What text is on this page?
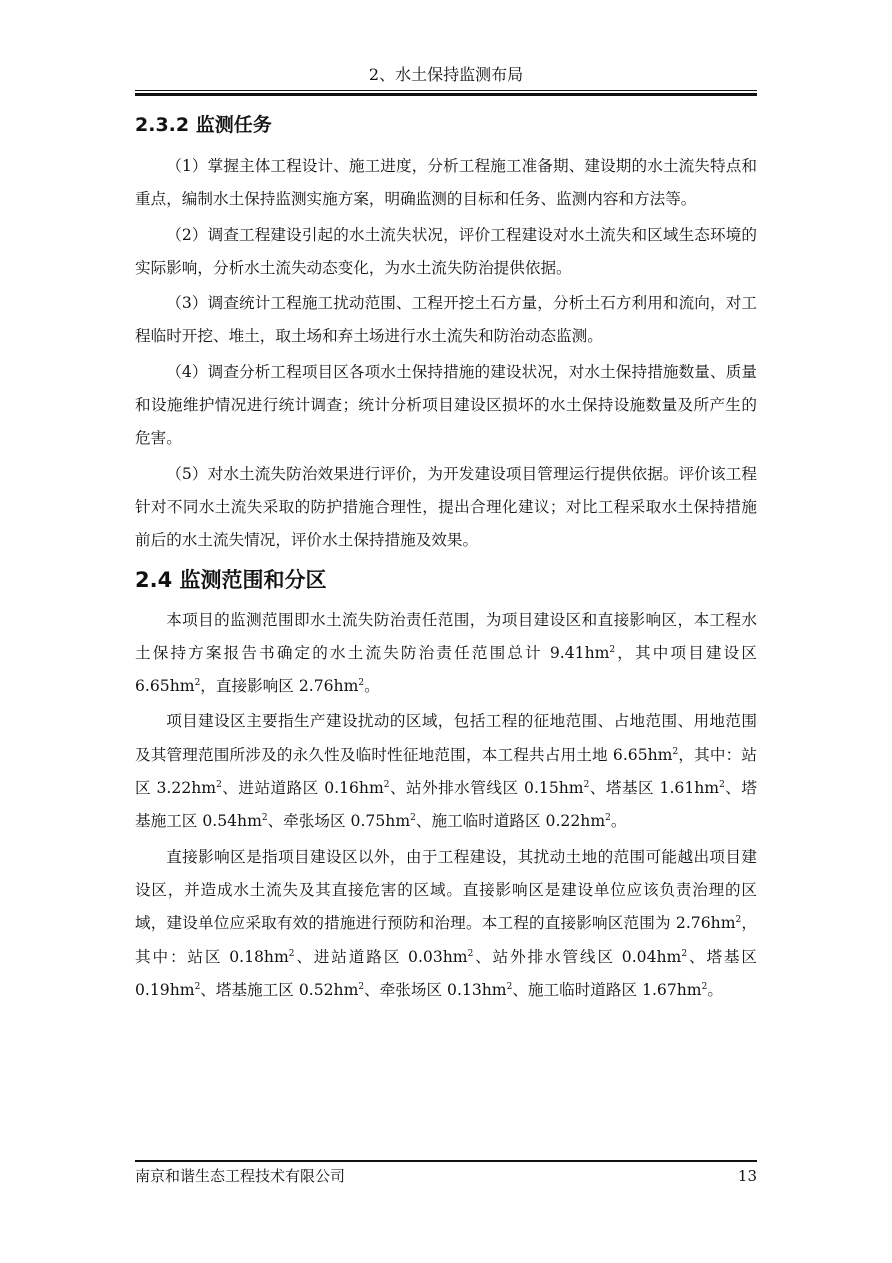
2、水土保持监测布局
2.3.2 监测任务

（1）掌握主体工程设计、施工进度，分析工程施工准备期、建设期的水土流失特点和重点，编制水土保持监测实施方案，明确监测的目标和任务、监测内容和方法等。

（2）调查工程建设引起的水土流失状况，评价工程建设对水土流失和区域生态环境的实际影响，分析水土流失动态变化，为水土流失防治提供依据。

（3）调查统计工程施工扰动范围、工程开挖土石方量，分析土石方利用和流向，对工程临时开挖、堆土，取土场和弃土场进行水土流失和防治动态监测。

（4）调查分析工程项目区各项水土保持措施的建设状况，对水土保持措施数量、质量和设施维护情况进行统计调查；统计分析项目建设区损坏的水土保持设施数量及所产生的危害。

（5）对水土流失防治效果进行评价，为开发建设项目管理运行提供依据。评价该工程针对不同水土流失采取的防护措施合理性，提出合理化建议；对比工程采取水土保持措施前后的水土流失情况，评价水土保持措施及效果。

2.4 监测范围和分区

本项目的监测范围即水土流失防治责任范围，为项目建设区和直接影响区，本工程水土保持方案报告书确定的水土流失防治责任范围总计 $9.41hm^2$，其中项目建设区 $6.65hm^2$，直接影响区 $2.76hm^2$。

项目建设区主要指生产建设扰动的区域，包括工程的征地范围、占地范围、用地范围及其管理范围所涉及的永久性及临时性征地范围，本工程共占用土地 $6.65hm^2$，其中：站区 $3.22hm^2$、进站道路区 $0.16hm^2$、站外排水管线区 $0.15hm^2$、塔基区 $1.61hm^2$、塔基施工区 $0.54hm^2$、牵张场区 $0.75hm^2$、施工临时道路区 $0.22hm^2$。

直接影响区是指项目建设区以外，由于工程建设，其扰动土地的范围可能越出项目建设区，并造成水土流失及其直接危害的区域。直接影响区是建设单位应该负责治理的区域，建设单位应采取有效的措施进行预防和治理。本工程的直接影响区范围为 $2.76hm^2$，其中：站区 $0.18hm^2$、进站道路区 $0.03hm^2$、站外排水管线区 $0.04hm^2$、塔基区 $0.19hm^2$、塔基施工区 $0.52hm^2$、牵张场区 $0.13hm^2$、施工临时道路区 $1.67hm^2$。

南京和谐生态工程技术有限公司	13
